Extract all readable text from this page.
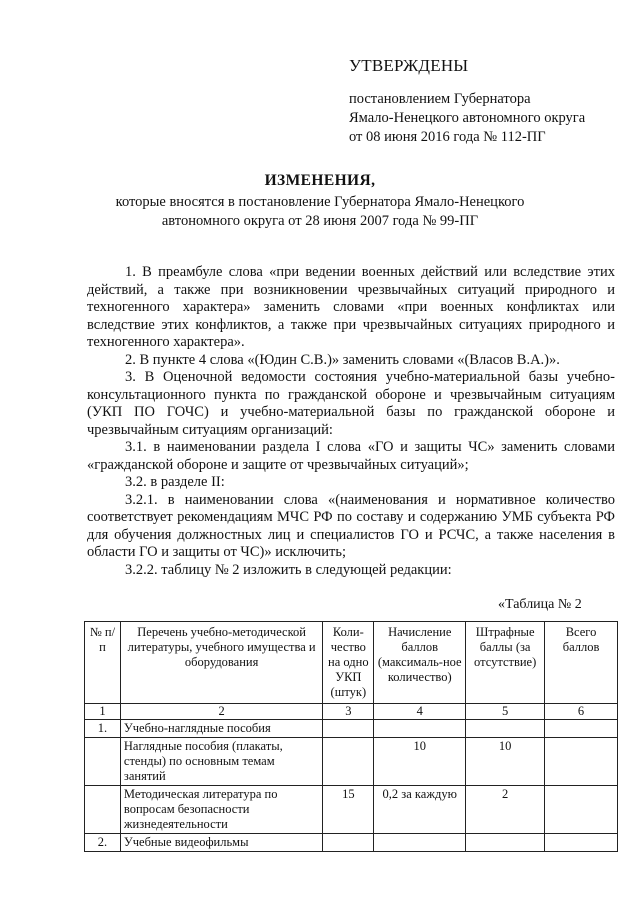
УТВЕРЖДЕНЫ
постановлением Губернатора
Ямало-Ненецкого автономного округа
от 08 июня 2016 года № 112-ПГ
ИЗМЕНЕНИЯ,
которые вносятся в постановление Губернатора Ямало-Ненецкого
автономного округа от 28 июня 2007 года № 99-ПГ

1. В преамбуле слова «при ведении военных действий или вследствие этих действий, а также при возникновении чрезвычайных ситуаций природного и техногенного характера» заменить словами «при военных конфликтах или вследствие этих конфликтов, а также при чрезвычайных ситуациях природного и техногенного характера».

2. В пункте 4 слова «(Юдин С.В.)» заменить словами «(Власов В.А.)».

3. В Оценочной ведомости состояния учебно-материальной базы учебно-консультационного пункта по гражданской обороне и чрезвычайным ситуациям (УКП ПО ГОЧС) и учебно-материальной базы по гражданской обороне и чрезвычайным ситуациям организаций:

3.1. в наименовании раздела I слова «ГО и защиты ЧС» заменить словами «гражданской обороне и защите от чрезвычайных ситуаций»;

3.2. в разделе II:

3.2.1. в наименовании слова «(наименования и нормативное количество соответствует рекомендациям МЧС РФ по составу и содержанию УМБ субъекта РФ для обучения должностных лиц и специалистов ГО и РСЧС, а также населения в области ГО и защиты от ЧС)» исключить;

3.2.2. таблицу № 2 изложить в следующей редакции:

«Таблица № 2
№ п/п	Перечень учебно-методической литературы, учебного имущества и оборудования	Коли-чество на одно УКП (штук)	Начисление баллов (максималь-ное количество)	Штрафные баллы (за отсутствие)	Всего баллов
1	2	3	4	5	6
1.	Учебно-наглядные пособия				
	Наглядные пособия (плакаты, стенды) по основным темам занятий		10	10	
	Методическая литература по вопросам безопасности жизнедеятельности	15	0,2 за каждую	2	
2.	Учебные видеофильмы				
